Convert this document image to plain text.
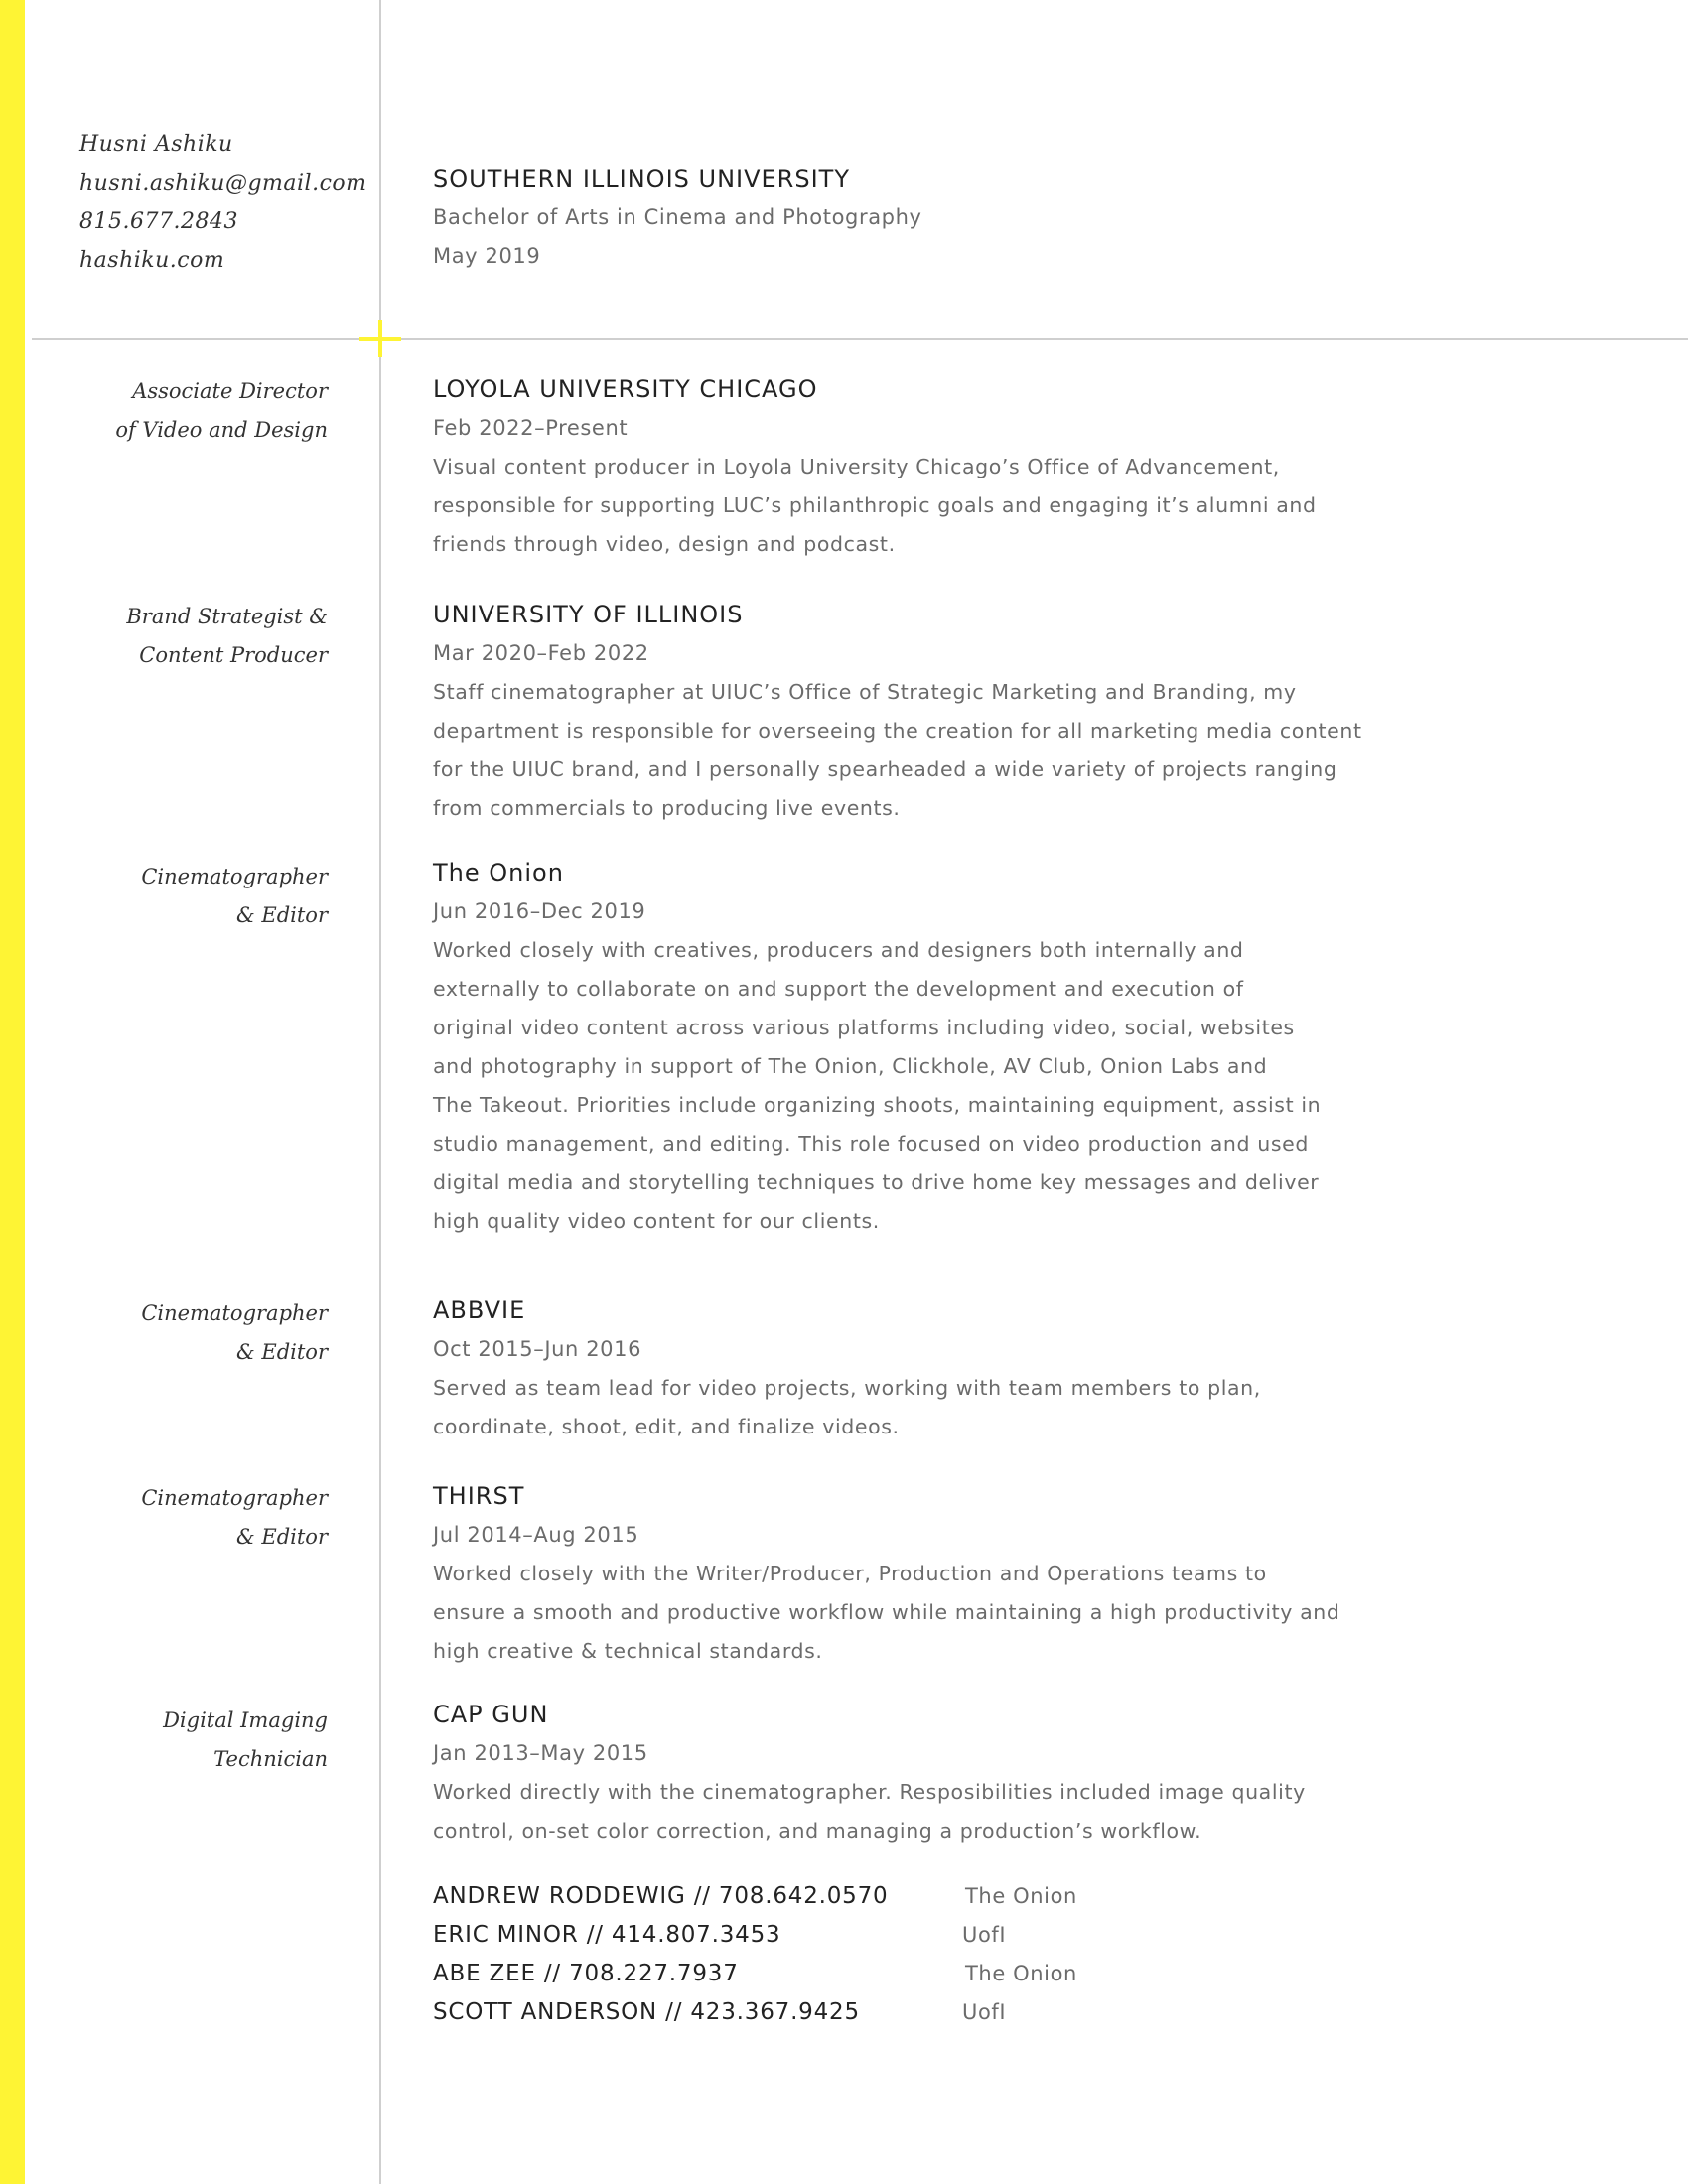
Husni Ashiku
husni.ashiku@gmail.com
815.677.2843
hashiku.com
SOUTHERN ILLINOIS UNIVERSITY
Bachelor of Arts in Cinema and Photography
May 2019
Associate Director
of Video and Design
LOYOLA UNIVERSITY CHICAGO
Feb 2022–Present
Visual content producer in Loyola University Chicago’s Office of Advancement,
responsible for supporting LUC’s philanthropic goals and engaging it’s alumni and
friends through video, design and podcast.
Brand Strategist &
Content Producer
UNIVERSITY OF ILLINOIS
Mar 2020–Feb 2022
Staff cinematographer at UIUC’s Office of Strategic Marketing and Branding, my
department is responsible for overseeing the creation for all marketing media content
for the UIUC brand, and I personally spearheaded a wide variety of projects ranging
from commercials to producing live events.
Cinematographer
& Editor
The Onion
Jun 2016–Dec 2019
Worked closely with creatives, producers and designers both internally and
externally to collaborate on and support the development and execution of
original video content across various platforms including video, social, websites
and photography in support of The Onion, Clickhole, AV Club, Onion Labs and
The Takeout. Priorities include organizing shoots, maintaining equipment, assist in
studio management, and editing. This role focused on video production and used
digital media and storytelling techniques to drive home key messages and deliver
high quality video content for our clients.
Cinematographer
& Editor
ABBVIE
Oct 2015–Jun 2016
Served as team lead for video projects, working with team members to plan,
coordinate, shoot, edit, and finalize videos.
Cinematographer
& Editor
THIRST
Jul 2014–Aug 2015
Worked closely with the Writer/Producer, Production and Operations teams to
ensure a smooth and productive workflow while maintaining a high productivity and
high creative & technical standards.
Digital Imaging
Technician
CAP GUN
Jan 2013–May 2015
Worked directly with the cinematographer. Resposibilities included image quality
control, on-set color correction, and managing a production’s workflow.
ANDREW RODDEWIG // 708.642.0570	The Onion
ERIC MINOR // 414.807.3453	UofI
ABE ZEE // 708.227.7937	The Onion
SCOTT ANDERSON // 423.367.9425	UofI
